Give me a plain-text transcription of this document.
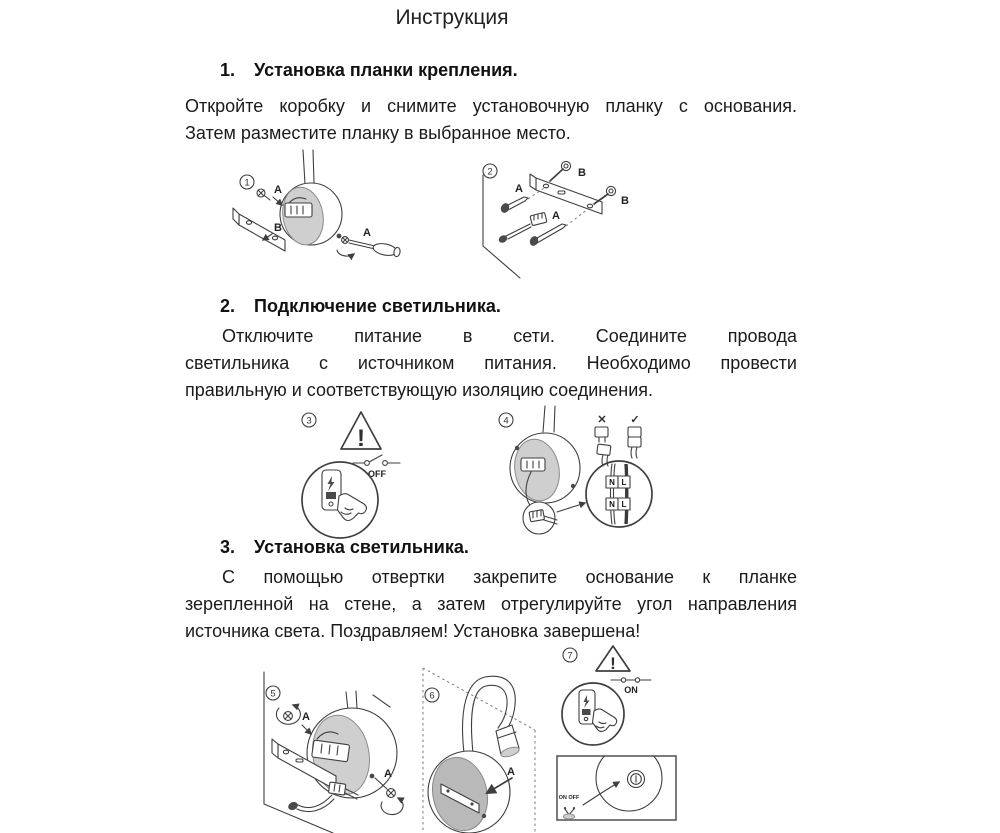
Инструкция
1. Установка планки крепления.
Откройте коробку и снимите установочную планку с основания.
Затем разместите планку в выбранное место.
1
A
B	A
2	B
B
A
A
2. Подключение светильника.
Отключите питание в сети. Соедините провода
светильника с источником питания. Необходимо провести
правильную и соответствующую изоляцию соединения.
3
!
OFF
4
N L
N L
✕ ✓
3. Установка светильника.
С помощью отвертки закрепите основание к планке
зерепленной на стене, а затем отрегулируйте угол направления
источника света. Поздравляем! Установка завершена!
5
A
A
6
A
7 !
ON
ON OFF
